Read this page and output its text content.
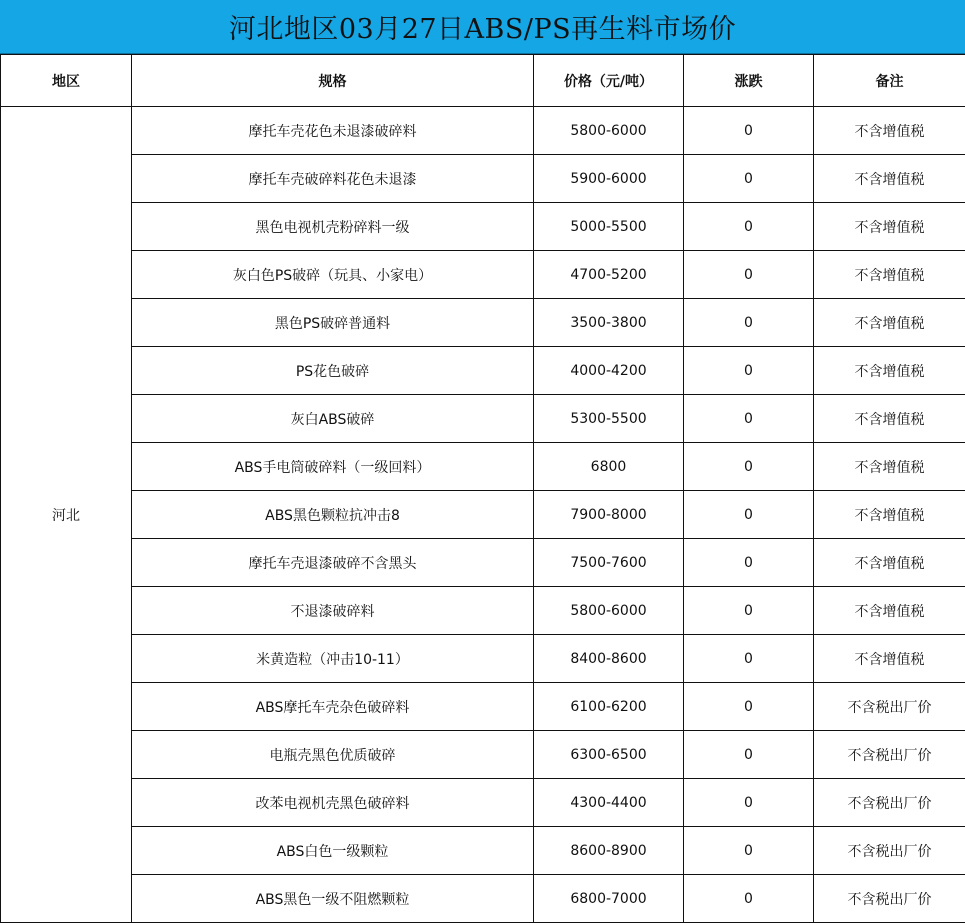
河北地区03月27日ABS/PS再生料市场价
地区	规格	价格（元/吨）	涨跌	备注
河北	摩托车壳花色未退漆破碎料	5800-6000	0	不含增值税
	摩托车壳破碎料花色未退漆	5900-6000	0	不含增值税
	黑色电视机壳粉碎料一级	5000-5500	0	不含增值税
	灰白色PS破碎（玩具、小家电）	4700-5200	0	不含增值税
	黑色PS破碎普通料	3500-3800	0	不含增值税
	PS花色破碎	4000-4200	0	不含增值税
	灰白ABS破碎	5300-5500	0	不含增值税
	ABS手电筒破碎料（一级回料）	6800	0	不含增值税
	ABS黑色颗粒抗冲击8	7900-8000	0	不含增值税
	摩托车壳退漆破碎不含黑头	7500-7600	0	不含增值税
	不退漆破碎料	5800-6000	0	不含增值税
	米黄造粒（冲击10-11）	8400-8600	0	不含增值税
	ABS摩托车壳杂色破碎料	6100-6200	0	不含税出厂价
	电瓶壳黑色优质破碎	6300-6500	0	不含税出厂价
	改苯电视机壳黑色破碎料	4300-4400	0	不含税出厂价
	ABS白色一级颗粒	8600-8900	0	不含税出厂价
	ABS黑色一级不阻燃颗粒	6800-7000	0	不含税出厂价
